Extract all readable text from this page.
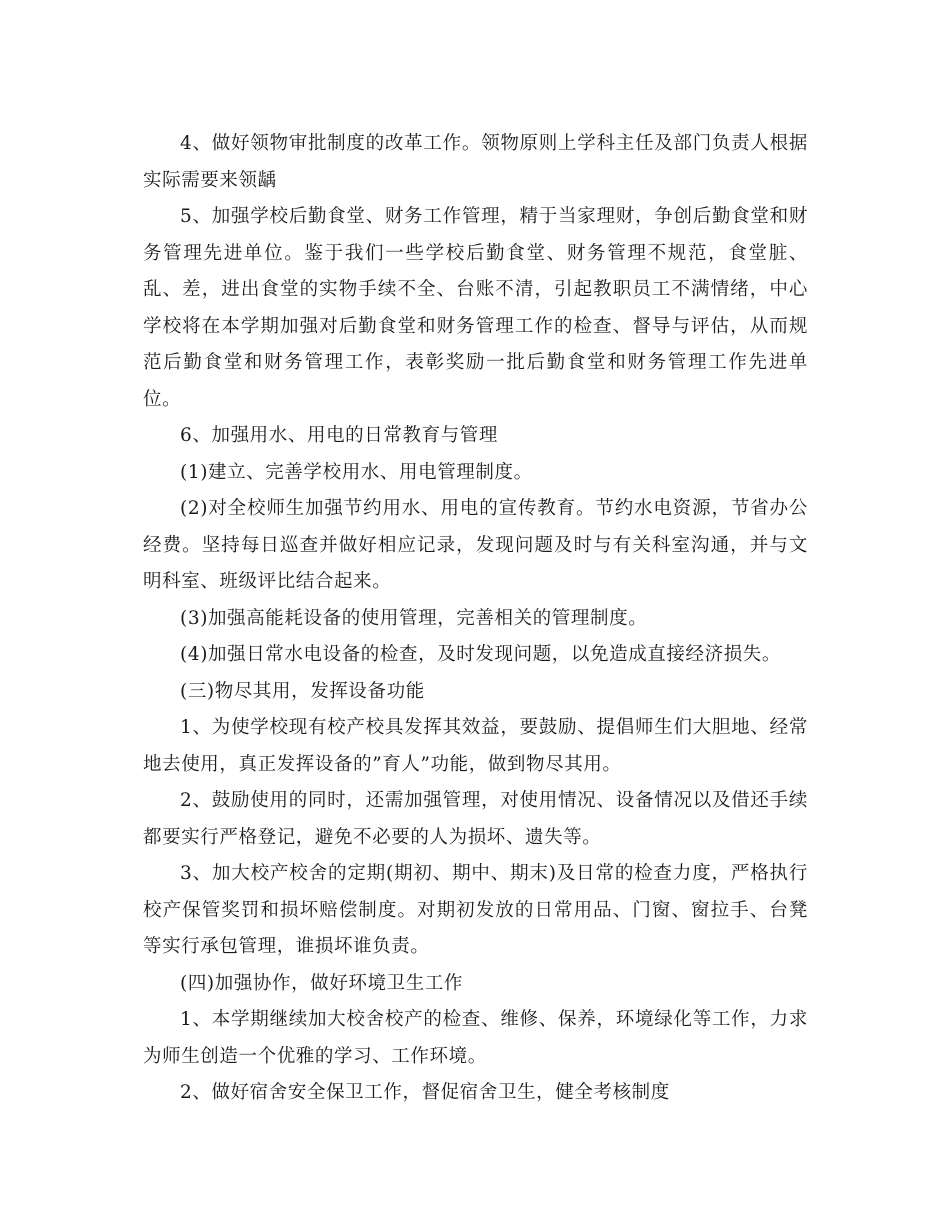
4、做好领物审批制度的改革工作。领物原则上学科主任及部门负责人根据实际需要来领龋

5、加强学校后勤食堂、财务工作管理，精于当家理财，争创后勤食堂和财务管理先进单位。鉴于我们一些学校后勤食堂、财务管理不规范，食堂脏、乱、差，进出食堂的实物手续不全、台账不清，引起教职员工不满情绪，中心学校将在本学期加强对后勤食堂和财务管理工作的检查、督导与评估，从而规范后勤食堂和财务管理工作，表彰奖励一批后勤食堂和财务管理工作先进单位。

6、加强用水、用电的日常教育与管理

(1)建立、完善学校用水、用电管理制度。

(2)对全校师生加强节约用水、用电的宣传教育。节约水电资源，节省办公经费。坚持每日巡查并做好相应记录，发现问题及时与有关科室沟通，并与文明科室、班级评比结合起来。

(3)加强高能耗设备的使用管理，完善相关的管理制度。

(4)加强日常水电设备的检查，及时发现问题，以免造成直接经济损失。

(三)物尽其用，发挥设备功能

1、为使学校现有校产校具发挥其效益，要鼓励、提倡师生们大胆地、经常地去使用，真正发挥设备的”育人”功能，做到物尽其用。

2、鼓励使用的同时，还需加强管理，对使用情况、设备情况以及借还手续都要实行严格登记，避免不必要的人为损坏、遗失等。

3、加大校产校舍的定期(期初、期中、期末)及日常的检查力度，严格执行校产保管奖罚和损坏赔偿制度。对期初发放的日常用品、门窗、窗拉手、台凳等实行承包管理，谁损坏谁负责。

(四)加强协作，做好环境卫生工作

1、本学期继续加大校舍校产的检查、维修、保养，环境绿化等工作，力求为师生创造一个优雅的学习、工作环境。

2、做好宿舍安全保卫工作，督促宿舍卫生，健全考核制度
